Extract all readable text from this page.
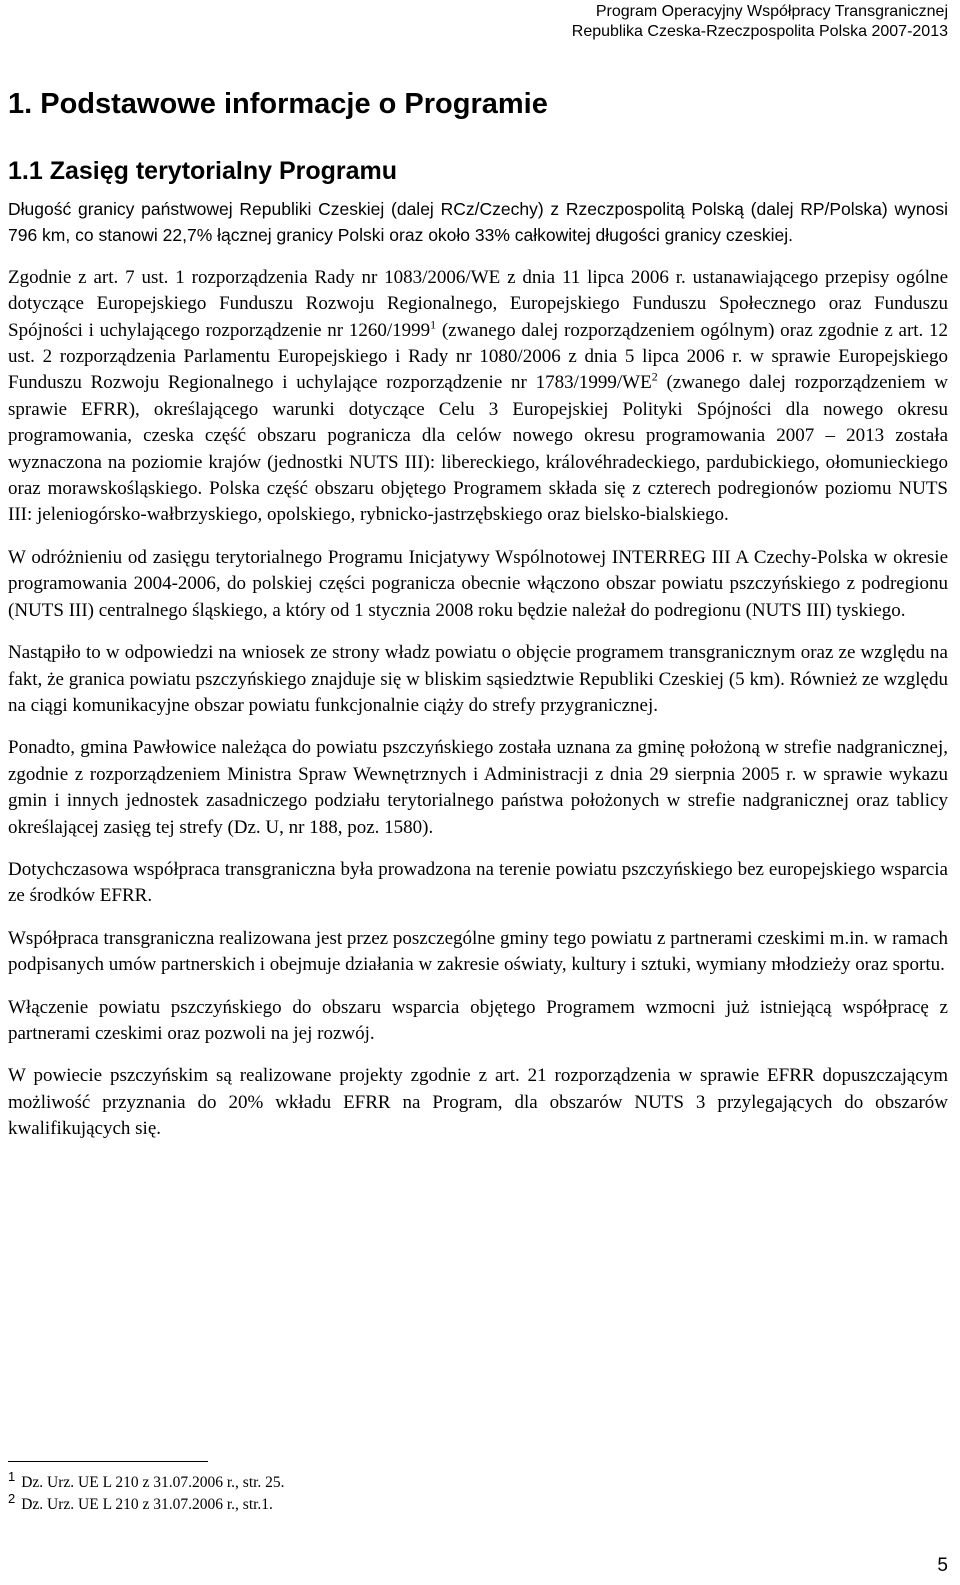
Program Operacyjny Współpracy Transgranicznej
Republika Czeska-Rzeczpospolita Polska 2007-2013
1. Podstawowe informacje o Programie
1.1 Zasięg terytorialny Programu

Długość granicy państwowej Republiki Czeskiej (dalej RCz/Czechy) z Rzeczpospolitą Polską (dalej RP/Polska) wynosi 796 km, co stanowi 22,7% łącznej granicy Polski oraz około 33% całkowitej długości granicy czeskiej.

Zgodnie z art. 7 ust. 1 rozporządzenia Rady nr 1083/2006/WE z dnia 11 lipca 2006 r. ustanawiającego przepisy ogólne dotyczące Europejskiego Funduszu Rozwoju Regionalnego, Europejskiego Funduszu Społecznego oraz Funduszu Spójności i uchylającego rozporządzenie nr 1260/1999$^1$ (zwanego dalej rozporządzeniem ogólnym) oraz zgodnie z art. 12 ust. 2 rozporządzenia Parlamentu Europejskiego i Rady nr 1080/2006 z dnia 5 lipca 2006 r. w sprawie Europejskiego Funduszu Rozwoju Regionalnego i uchylające rozporządzenie nr $1783/1999/WE^2$ (zwanego dalej rozporządzeniem w sprawie EFRR), określającego warunki dotyczące Celu 3 Europejskiej Polityki Spójności dla nowego okresu programowania, czeska część obszaru pogranicza dla celów nowego okresu programowania 2007 – 2013 została wyznaczona na poziomie krajów (jednostki NUTS III): libereckiego, královéhradeckiego, pardubickiego, ołomunieckiego oraz morawskośląskiego. Polska część obszaru objętego Programem składa się z czterech podregionów poziomu NUTS III: jeleniogórsko-wałbrzyskiego, opolskiego, rybnicko-jastrzębskiego oraz bielsko-bialskiego.

W odróżnieniu od zasięgu terytorialnego Programu Inicjatywy Wspólnotowej INTERREG III A Czechy-Polska w okresie programowania 2004-2006, do polskiej części pogranicza obecnie włączono obszar powiatu pszczyńskiego z podregionu (NUTS III) centralnego śląskiego, a który od 1 stycznia 2008 roku będzie należał do podregionu (NUTS III) tyskiego.

Nastąpiło to w odpowiedzi na wniosek ze strony władz powiatu o objęcie programem transgranicznym oraz ze względu na fakt, że granica powiatu pszczyńskiego znajduje się w bliskim sąsiedztwie Republiki Czeskiej (5 km). Również ze względu na ciągi komunikacyjne obszar powiatu funkcjonalnie ciąży do strefy przygranicznej.

Ponadto, gmina Pawłowice należąca do powiatu pszczyńskiego została uznana za gminę położoną w strefie nadgranicznej, zgodnie z rozporządzeniem Ministra Spraw Wewnętrznych i Administracji z dnia 29 sierpnia 2005 r. w sprawie wykazu gmin i innych jednostek zasadniczego podziału terytorialnego państwa położonych w strefie nadgranicznej oraz tablicy określającej zasięg tej strefy (Dz. U, nr 188, poz. 1580).

Dotychczasowa współpraca transgraniczna była prowadzona na terenie powiatu pszczyńskiego bez europejskiego wsparcia ze środków EFRR.

Współpraca transgraniczna realizowana jest przez poszczególne gminy tego powiatu z partnerami czeskimi m.in. w ramach podpisanych umów partnerskich i obejmuje działania w zakresie oświaty, kultury i sztuki, wymiany młodzieży oraz sportu.

Włączenie powiatu pszczyńskiego do obszaru wsparcia objętego Programem wzmocni już istniejącą współpracę z partnerami czeskimi oraz pozwoli na jej rozwój.

W powiecie pszczyńskim są realizowane projekty zgodnie z art. 21 rozporządzenia w sprawie EFRR dopuszczającym możliwość przyznania do 20% wkładu EFRR na Program, dla obszarów NUTS 3 przylegających do obszarów kwalifikujących się.

$^1$ Dz. Urz. UE L 210 z 31.07.2006 r., str. 25.
$^2$ Dz. Urz. UE L 210 z 31.07.2006 r., str.1.
5
